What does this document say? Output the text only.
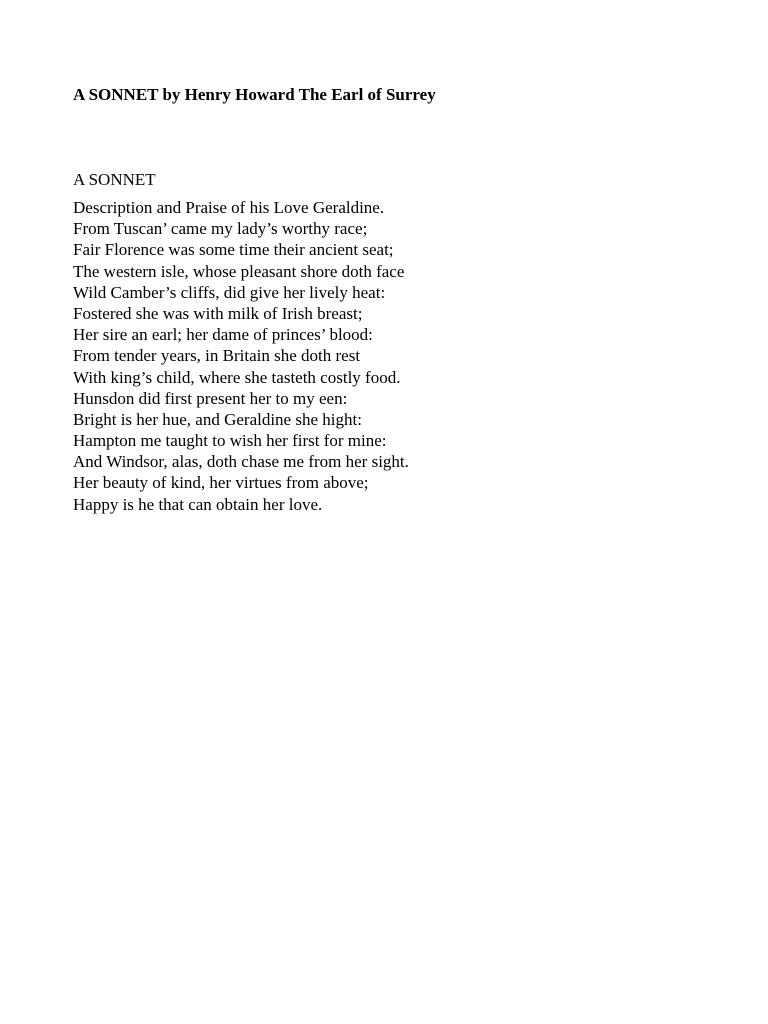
A SONNET by Henry Howard The Earl of Surrey
A SONNET
Description and Praise of his Love Geraldine.
From Tuscan’ came my lady’s worthy race;
Fair Florence was some time their ancient seat;
The western isle, whose pleasant shore doth face
Wild Camber’s cliffs, did give her lively heat:
Fostered she was with milk of Irish breast;
Her sire an earl; her dame of princes’ blood:
From tender years, in Britain she doth rest
With king’s child, where she tasteth costly food.
Hunsdon did first present her to my een:
Bright is her hue, and Geraldine she hight:
Hampton me taught to wish her first for mine:
And Windsor, alas, doth chase me from her sight.
Her beauty of kind, her virtues from above;
Happy is he that can obtain her love.
